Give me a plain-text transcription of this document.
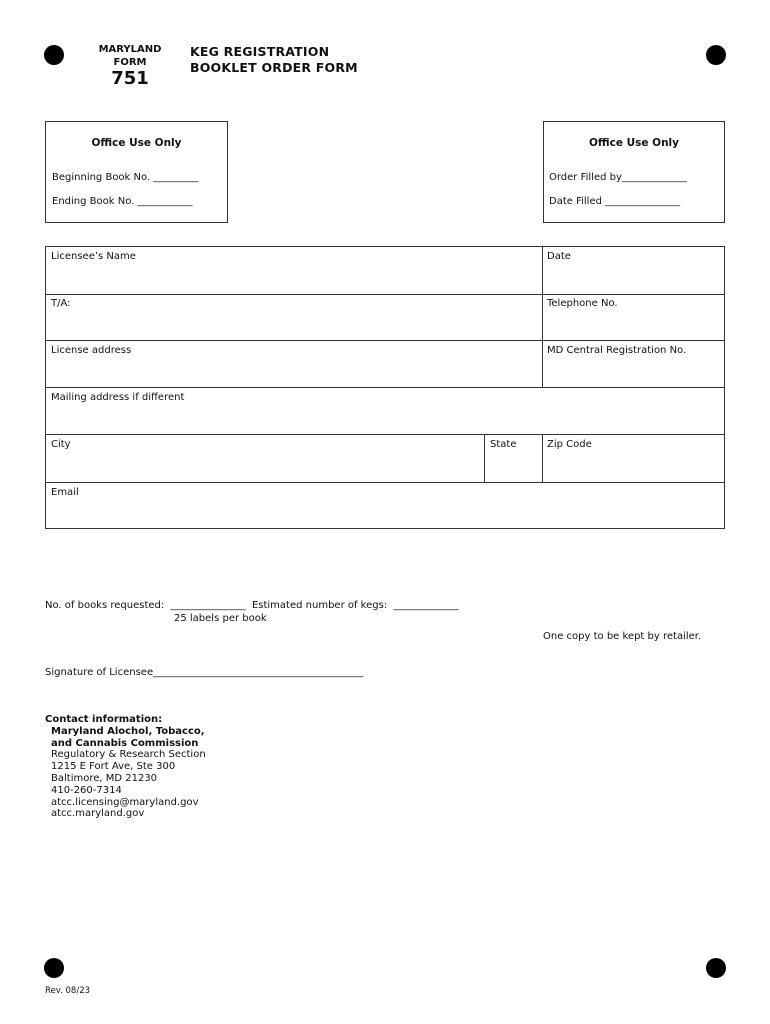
MARYLAND
FORM
751
KEG REGISTRATION
BOOKLET ORDER FORM
Office Use Only
Beginning Book No. _________
Ending Book No. ___________
Office Use Only
Order Filled by_____________
Date Filled _______________
Licensee’s Name	Date
T/A:	Telephone No.
License address	MD Central Registration No.
Mailing address if different
City	State	Zip Code
Email
No. of books requested:  _______________  Estimated number of kegs:  _____________
25 labels per book
One copy to be kept by retailer.
Signature of Licensee__________________________________________
Contact information:
Maryland Alochol, Tobacco,
and Cannabis Commission
Regulatory & Research Section
1215 E Fort Ave, Ste 300
Baltimore, MD 21230
410-260-7314
atcc.licensing@maryland.gov
atcc.maryland.gov
Rev. 08/23
